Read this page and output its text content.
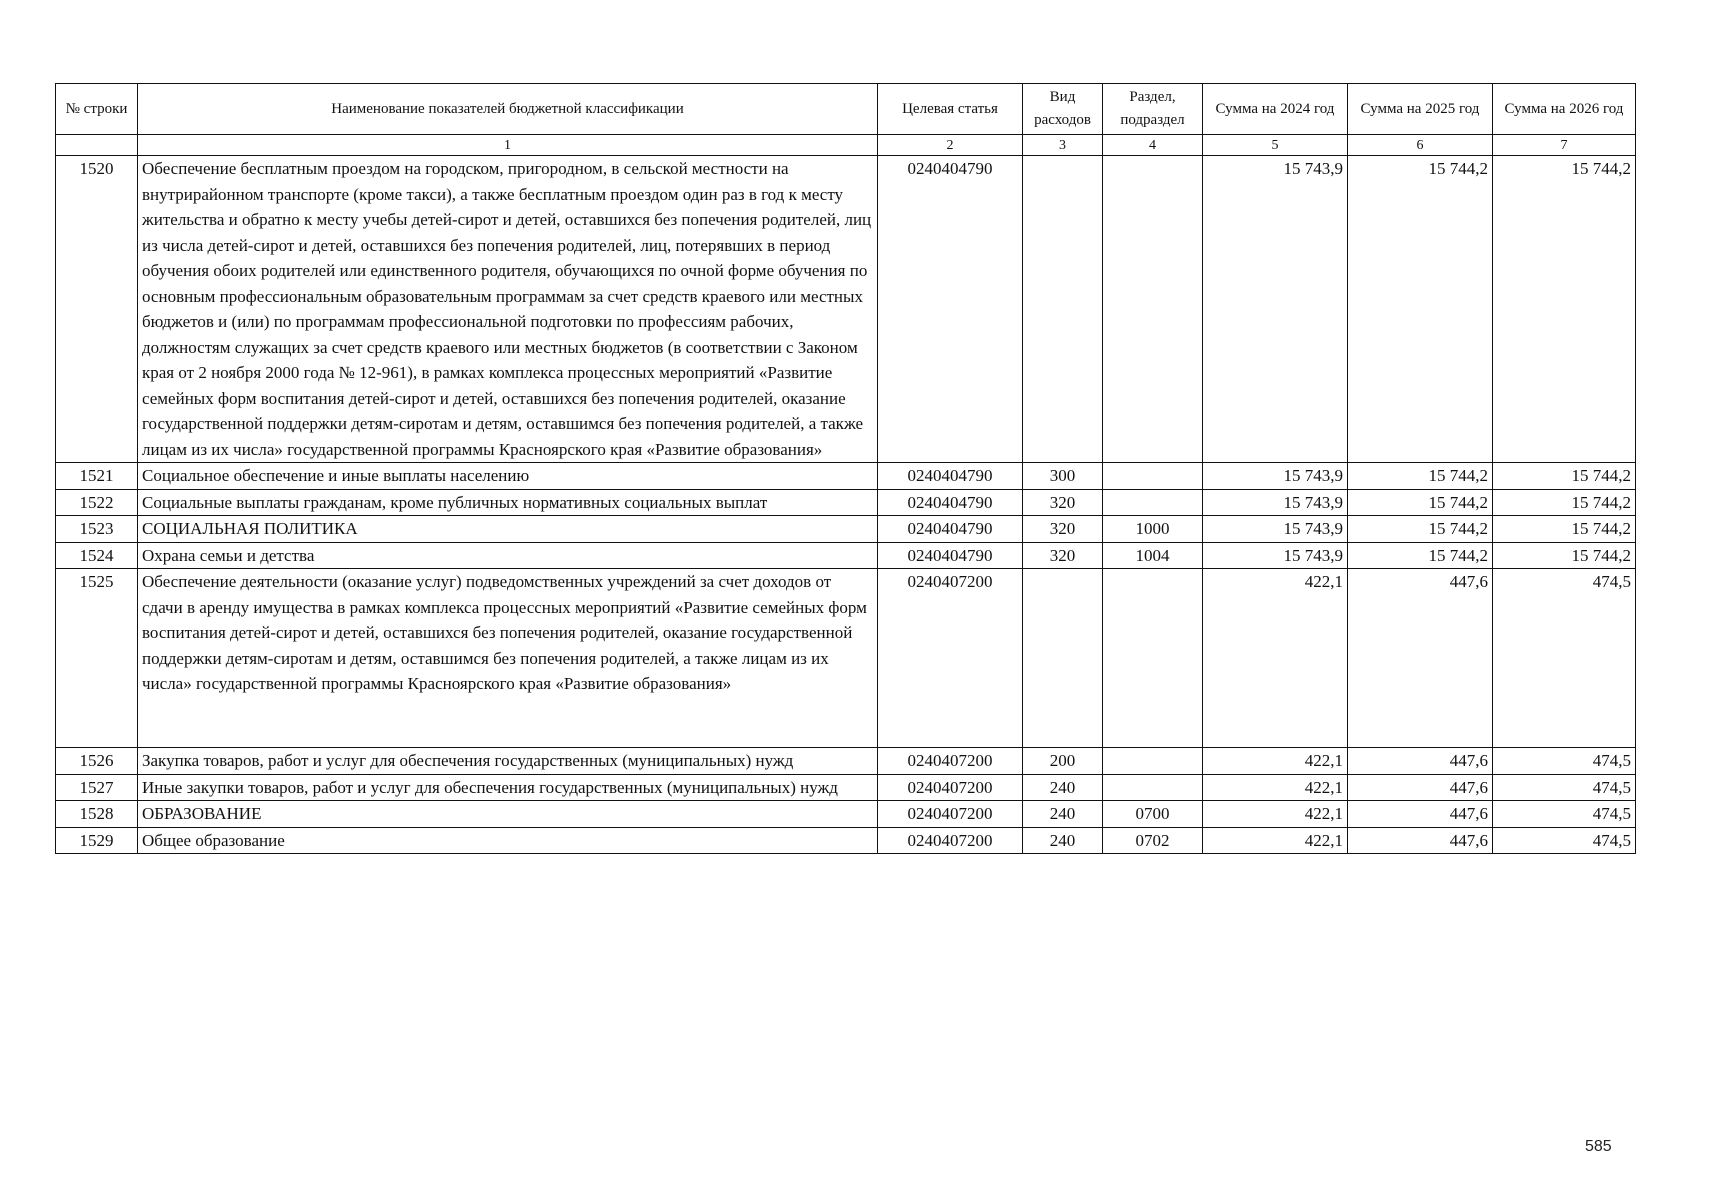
№ строки	Наименование показателей бюджетной классификации	Целевая статья	Вид расходов	Раздел, подраздел	Сумма на 2024 год	Сумма на 2025 год	Сумма на 2026 год
	1	2	3	4	5	6	7
1520	Обеспечение бесплатным проездом на городском, пригородном, в сельской местности на внутрирайонном транспорте (кроме такси), а также бесплатным проездом один раз в год к месту жительства и обратно к месту учебы детей-сирот и детей, оставшихся без попечения родителей, лиц из числа детей-сирот и детей, оставшихся без попечения родителей, лиц, потерявших в период обучения обоих родителей или единственного родителя, обучающихся по очной форме обучения по основным профессиональным образовательным программам за счет средств краевого или местных бюджетов и (или) по программам профессиональной подготовки по профессиям рабочих, должностям служащих за счет средств краевого или местных бюджетов (в соответствии с Законом края от 2 ноября 2000 года № 12-961), в рамках комплекса процессных мероприятий «Развитие семейных форм воспитания детей-сирот и детей, оставшихся без попечения родителей, оказание государственной поддержки детям-сиротам и детям, оставшимся без попечения родителей, а также лицам из их числа» государственной программы Красноярского края «Развитие образования»	0240404790			15 743,9	15 744,2	15 744,2
1521	Социальное обеспечение и иные выплаты населению	0240404790	300		15 743,9	15 744,2	15 744,2
1522	Социальные выплаты гражданам, кроме публичных нормативных социальных выплат	0240404790	320		15 743,9	15 744,2	15 744,2
1523	СОЦИАЛЬНАЯ ПОЛИТИКА	0240404790	320	1000	15 743,9	15 744,2	15 744,2
1524	Охрана семьи и детства	0240404790	320	1004	15 743,9	15 744,2	15 744,2
1525	Обеспечение деятельности (оказание услуг) подведомственных учреждений за счет доходов от сдачи в аренду имущества в рамках комплекса процессных мероприятий «Развитие семейных форм воспитания детей-сирот и детей, оставшихся без попечения родителей, оказание государственной поддержки детям-сиротам и детям, оставшимся без попечения родителей, а также лицам из их числа» государственной программы Красноярского края «Развитие образования»	0240407200			422,1	447,6	474,5
1526	Закупка товаров, работ и услуг для обеспечения государственных (муниципальных) нужд	0240407200	200		422,1	447,6	474,5
1527	Иные закупки товаров, работ и услуг для обеспечения государственных (муниципальных) нужд	0240407200	240		422,1	447,6	474,5
1528	ОБРАЗОВАНИЕ	0240407200	240	0700	422,1	447,6	474,5
1529	Общее образование	0240407200	240	0702	422,1	447,6	474,5
585
